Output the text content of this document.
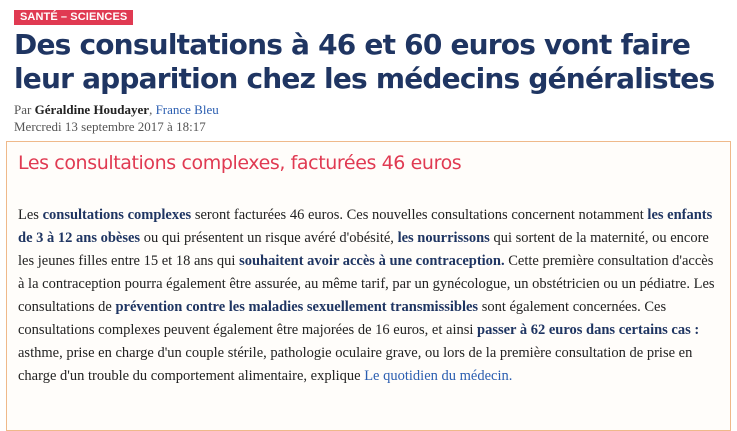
SANTÉ – SCIENCES
Des consultations à 46 et 60 euros vont faire leur apparition chez les médecins généralistes
Par Géraldine Houdayer, France Bleu
Mercredi 13 septembre 2017 à 18:17
Les consultations complexes, facturées 46 euros

Les consultations complexes seront facturées 46 euros. Ces nouvelles consultations concernent notamment les enfants de 3 à 12 ans obèses ou qui présentent un risque avéré d'obésité, les nourrissons qui sortent de la maternité, ou encore les jeunes filles entre 15 et 18 ans qui souhaitent avoir accès à une contraception. Cette première consultation d'accès à la contraception pourra également être assurée, au même tarif, par un gynécologue, un obstétricien ou un pédiatre. Les consultations de prévention contre les maladies sexuellement transmissibles sont également concernées. Ces consultations complexes peuvent également être majorées de 16 euros, et ainsi passer à 62 euros dans certains cas : asthme, prise en charge d'un couple stérile, pathologie oculaire grave, ou lors de la première consultation de prise en charge d'un trouble du comportement alimentaire, explique Le quotidien du médecin.
